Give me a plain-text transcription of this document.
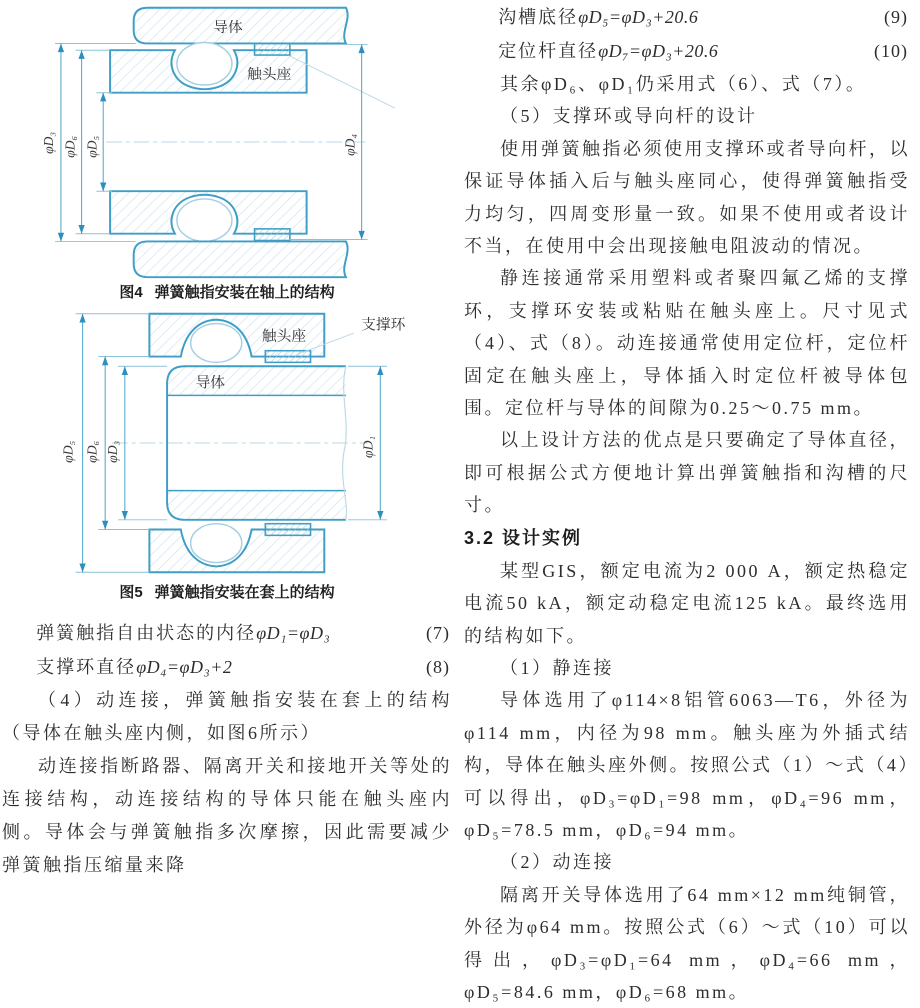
导体
触头座
φD₃ φD₆ φD₅	φD₄
图4 弹簧触指安装在轴上的结构
触头座
支撑环
导体
φD₅ φD₆ φD₃	φD₁
图5 弹簧触指安装在套上的结构
弹簧触指自由状态的内径φD₁=φD₃	(7)
支撑环直径φD₄=φD₃+2	(8)

（4）动连接，弹簧触指安装在套上的结构（导体在触头座内侧，如图6所示）

动连接指断路器、隔离开关和接地开关等处的连接结构，动连接结构的导体只能在触头座内侧。导体会与弹簧触指多次摩擦，因此需要减少弹簧触指压缩量来降

沟槽底径φD₅=φD₃+20.6	(9)
定位杆直径φD₇=φD₃+20.6	(10)

其余φD₆、φD₁仍采用式（6）、式（7）。

（5）支撑环或导向杆的设计

使用弹簧触指必须使用支撑环或者导向杆，以保证导体插入后与触头座同心，使得弹簧触指受力均匀，四周变形量一致。如果不使用或者设计不当，在使用中会出现接触电阻波动的情况。

静连接通常采用塑料或者聚四氟乙烯的支撑环，支撑环安装或粘贴在触头座上。尺寸见式（4）、式（8）。动连接通常使用定位杆，定位杆固定在触头座上，导体插入时定位杆被导体包围。定位杆与导体的间隙为0.25～0.75 mm。

以上设计方法的优点是只要确定了导体直径，即可根据公式方便地计算出弹簧触指和沟槽的尺寸。

3.2 设计实例

某型GIS，额定电流为2 000 A，额定热稳定电流50 kA，额定动稳定电流125 kA。最终选用的结构如下。

（1）静连接

导体选用了φ114×8铝管6063—T6，外径为φ114 mm，内径为98 mm。触头座为外插式结构，导体在触头座外侧。按照公式（1）～式（4）可以得出，φD₃=φD₁=98 mm，φD₄=96 mm，φD₅=78.5 mm，φD₆=94 mm。

（2）动连接

隔离开关导体选用了64 mm×12 mm纯铜管，外径为φ64 mm。按照公式（6）～式（10）可以得出，φD₃=φD₁=64 mm，φD₄=66 mm，φD₅=84.6 mm，φD₆=68 mm。
